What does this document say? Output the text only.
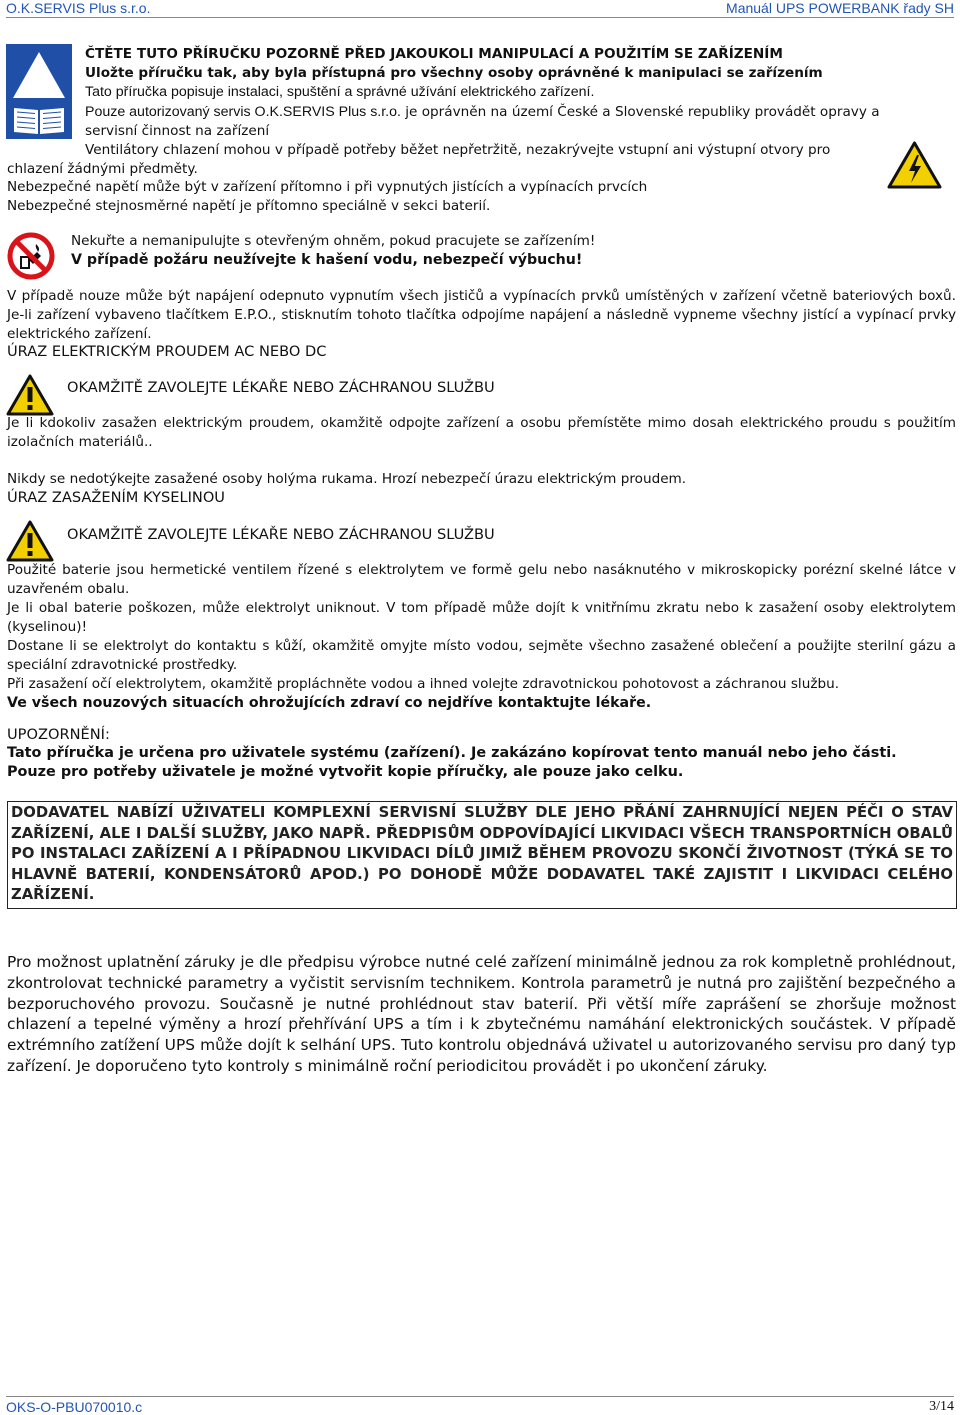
O.K.SERVIS Plus s.r.o.	Manuál UPS POWERBANK řady SH
ČTĚTE TUTO PŘÍRUČKU POZORNĚ PŘED JAKOUKOLI MANIPULACÍ A POUŽITÍM SE ZAŘÍZENÍM
Uložte příručku tak, aby byla přístupná pro všechny osoby oprávněné k manipulaci se zařízením
Tato příručka popisuje instalaci, spuštění a správné užívání elektrického zařízení.
Pouze autorizovaný servis O.K.SERVIS Plus s.r.o. je oprávněn na území České a Slovenské republiky provádět opravy a
servisní činnost na zařízení
Ventilátory chlazení mohou v případě potřeby běžet nepřetržitě, nezakrývejte vstupní ani výstupní otvory pro
chlazení žádnými předměty.
Nebezpečné napětí může být v zařízení přítomno i při vypnutých jistících a vypínacích prvcích
Nebezpečné stejnosměrné napětí je přítomno speciálně v sekci baterií.
Nekuřte a nemanipulujte s otevřeným ohněm, pokud pracujete se zařízením!
V případě požáru neužívejte k hašení vodu, nebezpečí výbuchu!
V případě nouze může být napájení odepnuto vypnutím všech jističů a vypínacích prvků umístěných v zařízení včetně bateriových boxů. Je-li zařízení vybaveno tlačítkem E.P.O., stisknutím tohoto tlačítka odpojíme napájení a následně vypneme všechny jistící a vypínací prvky elektrického zařízení.
ÚRAZ ELEKTRICKÝM PROUDEM AC NEBO DC
OKAMŽITĚ ZAVOLEJTE LÉKAŘE NEBO ZÁCHRANOU SLUŽBU
Je li kdokoliv zasažen elektrickým proudem, okamžitě odpojte zařízení a osobu přemístěte mimo dosah elektrického proudu s použitím izolačních materiálů..
Nikdy se nedotýkejte zasažené osoby holýma rukama. Hrozí nebezpečí úrazu elektrickým proudem.
ÚRAZ ZASAŽENÍM KYSELINOU
OKAMŽITĚ ZAVOLEJTE LÉKAŘE NEBO ZÁCHRANOU SLUŽBU

Použité baterie jsou hermetické ventilem řízené s elektrolytem ve formě gelu nebo nasáknutého v mikroskopicky porézní skelné látce v uzavřeném obalu.

Je li obal baterie poškozen, může elektrolyt uniknout. V tom případě může dojít k vnitřnímu zkratu nebo k zasažení osoby elektrolytem (kyselinou)!

Dostane li se elektrolyt do kontaktu s kůží, okamžitě omyjte místo vodou, sejměte všechno zasažené oblečení a použijte sterilní gázu a speciální zdravotnické prostředky.

Při zasažení očí elektrolytem, okamžitě propláchněte vodou a ihned volejte zdravotnickou pohotovost a záchranou službu.

Ve všech nouzových situacích ohrožujících zdraví co nejdříve kontaktujte lékaře.

UPOZORNĚNÍ:
Tato příručka je určena pro uživatele systému (zařízení). Je zakázáno kopírovat tento manuál nebo jeho části.
Pouze pro potřeby uživatele je možné vytvořit kopie příručky, ale pouze jako celku.
DODAVATEL NABÍZÍ UŽIVATELI KOMPLEXNÍ SERVISNÍ SLUŽBY DLE JEHO PŘÁNÍ ZAHRNUJÍCÍ NEJEN PÉČI O STAV ZAŘÍZENÍ, ALE I DALŠÍ SLUŽBY, JAKO NAPŘ. PŘEDPISŮM ODPOVÍDAJÍCÍ LIKVIDACI VŠECH TRANSPORTNÍCH OBALŮ PO INSTALACI ZAŘÍZENÍ A I PŘÍPADNOU LIKVIDACI DÍLŮ JIMIŽ BĚHEM PROVOZU SKONČÍ ŽIVOTNOST (TÝKÁ SE TO HLAVNĚ BATERIÍ, KONDENSÁTORŮ APOD.) PO DOHODĚ MŮŽE DODAVATEL TAKÉ ZAJISTIT I LIKVIDACI CELÉHO ZAŘÍZENÍ.
Pro možnost uplatnění záruky je dle předpisu výrobce nutné celé zařízení minimálně jednou za rok kompletně prohlédnout, zkontrolovat technické parametry a vyčistit servisním technikem. Kontrola parametrů je nutná pro zajištění bezpečného a bezporuchového provozu. Současně je nutné prohlédnout stav baterií. Při větší míře zaprášení se zhoršuje možnost chlazení a tepelné výměny a hrozí přehřívání UPS a tím i k zbytečnému namáhání elektronických součástek. V případě extrémního zatížení UPS může dojít k selhání UPS. Tuto kontrolu objednává uživatel u autorizovaného servisu pro daný typ zařízení. Je doporučeno tyto kontroly s minimálně roční periodicitou provádět i po ukončení záruky.
OKS-O-PBU070010.c	3/14
